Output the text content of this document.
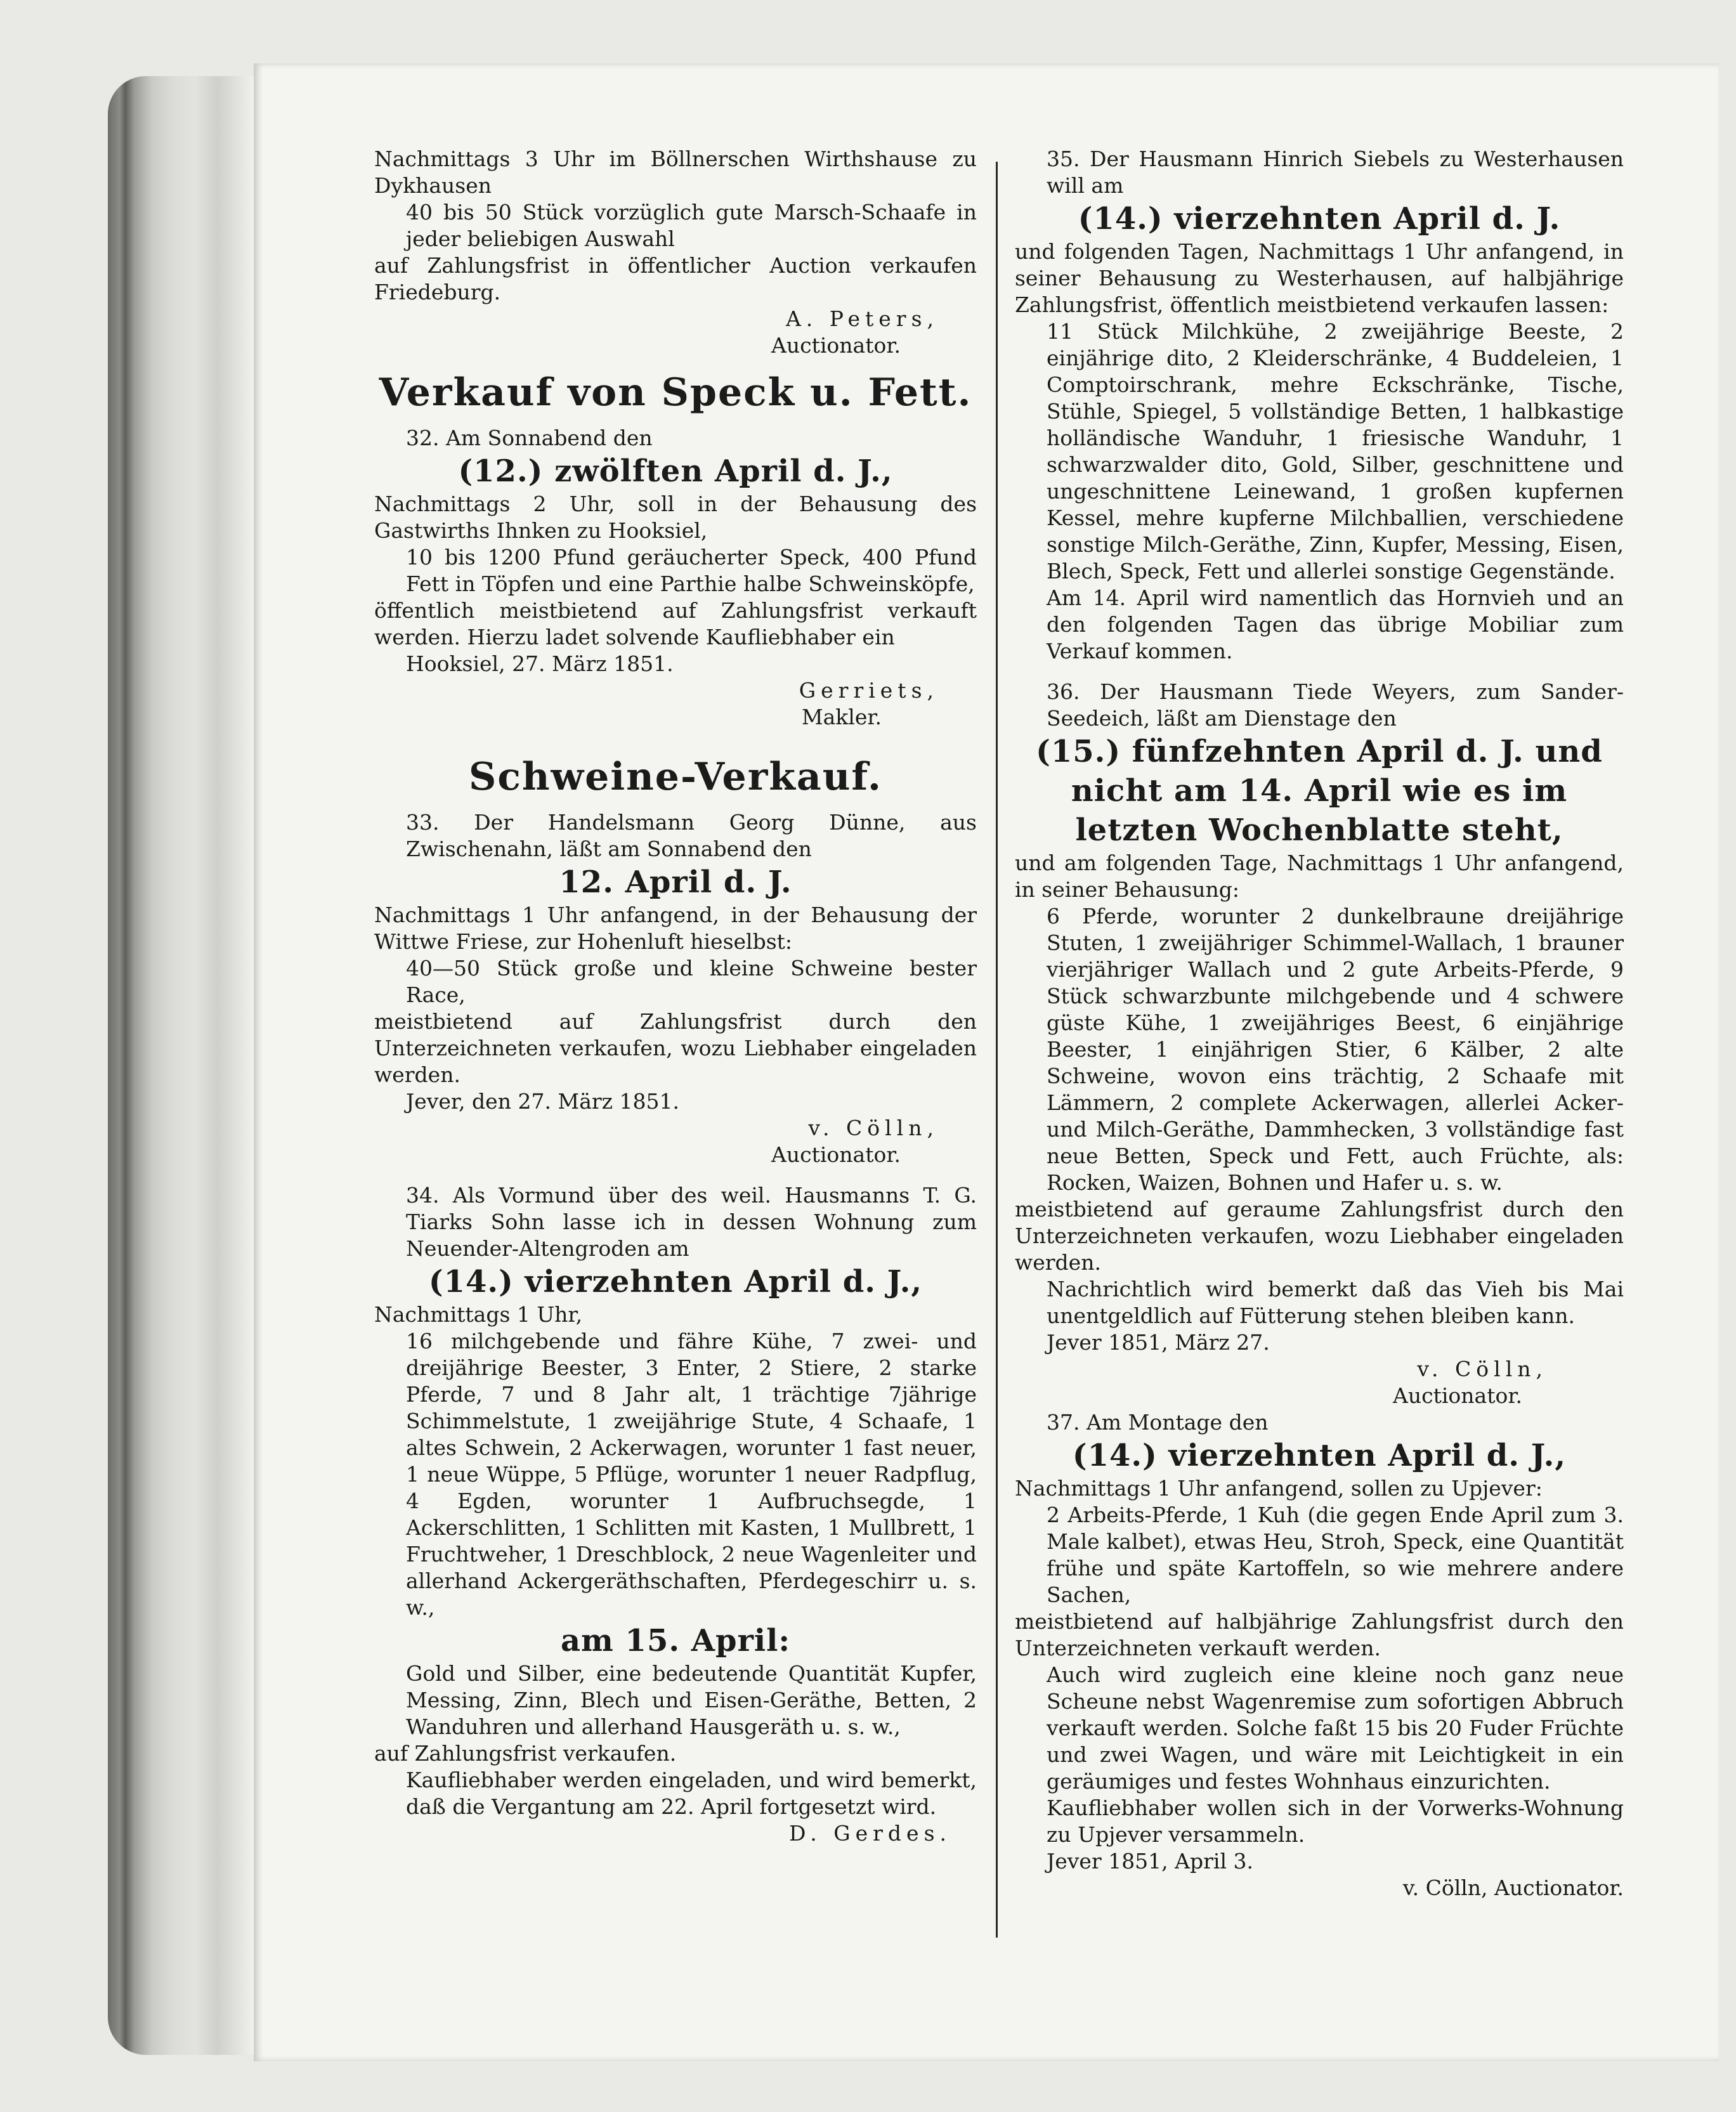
Nachmittags 3 Uhr im Böllnerschen Wirthshause zu Dykhausen

40 bis 50 Stück vorzüglich gute Marsch-Schaafe in jeder beliebigen Auswahl

auf Zahlungsfrist in öffentlicher Auction verkaufen Friedeburg.

A. Peters,

Auctionator.

Verkauf von Speck u. Fett.

32. Am Sonnabend den

(12.) zwölften April d. J.,

Nachmittags 2 Uhr, soll in der Behausung des Gastwirths Ihnken zu Hooksiel,

10 bis 1200 Pfund geräucherter Speck, 400 Pfund Fett in Töpfen und eine Parthie halbe Schweinsköpfe,

öffentlich meistbietend auf Zahlungsfrist verkauft werden. Hierzu ladet solvende Kaufliebhaber ein

Hooksiel, 27. März 1851.

Gerriets,

Makler.

Schweine-Verkauf.

33. Der Handelsmann Georg Dünne, aus Zwischenahn, läßt am Sonnabend den

12. April d. J.

Nachmittags 1 Uhr anfangend, in der Behausung der Wittwe Friese, zur Hohenluft hieselbst:

40—50 Stück große und kleine Schweine bester Race,

meistbietend auf Zahlungsfrist durch den Unterzeichneten verkaufen, wozu Liebhaber eingeladen werden.

Jever, den 27. März 1851.

v. Cölln,

Auctionator.

34. Als Vormund über des weil. Hausmanns T. G. Tiarks Sohn lasse ich in dessen Wohnung zum Neuender-Altengroden am

(14.) vierzehnten April d. J.,

Nachmittags 1 Uhr,

16 milchgebende und fähre Kühe, 7 zwei- und dreijährige Beester, 3 Enter, 2 Stiere, 2 starke Pferde, 7 und 8 Jahr alt, 1 trächtige 7jährige Schimmelstute, 1 zweijährige Stute, 4 Schaafe, 1 altes Schwein, 2 Ackerwagen, worunter 1 fast neuer, 1 neue Wüppe, 5 Pflüge, worunter 1 neuer Radpflug, 4 Egden, worunter 1 Aufbruchsegde, 1 Ackerschlitten, 1 Schlitten mit Kasten, 1 Mullbrett, 1 Fruchtweher, 1 Dreschblock, 2 neue Wagenleiter und allerhand Ackergeräthschaften, Pferdegeschirr u. s. w.,

am 15. April:

Gold und Silber, eine bedeutende Quantität Kupfer, Messing, Zinn, Blech und Eisen-Geräthe, Betten, 2 Wanduhren und allerhand Hausgeräth u. s. w.,

auf Zahlungsfrist verkaufen.

Kaufliebhaber werden eingeladen, und wird bemerkt, daß die Vergantung am 22. April fortgesetzt wird.

D. Gerdes.

35. Der Hausmann Hinrich Siebels zu Westerhausen will am

(14.) vierzehnten April d. J.

und folgenden Tagen, Nachmittags 1 Uhr anfangend, in seiner Behausung zu Westerhausen, auf halbjährige Zahlungsfrist, öffentlich meistbietend verkaufen lassen:

11 Stück Milchkühe, 2 zweijährige Beeste, 2 einjährige dito, 2 Kleiderschränke, 4 Buddeleien, 1 Comptoirschrank, mehre Eckschränke, Tische, Stühle, Spiegel, 5 vollständige Betten, 1 halbkastige holländische Wanduhr, 1 friesische Wanduhr, 1 schwarzwalder dito, Gold, Silber, geschnittene und ungeschnittene Leinewand, 1 großen kupfernen Kessel, mehre kupferne Milchballien, verschiedene sonstige Milch-Geräthe, Zinn, Kupfer, Messing, Eisen, Blech, Speck, Fett und allerlei sonstige Gegenstände.

Am 14. April wird namentlich das Hornvieh und an den folgenden Tagen das übrige Mobiliar zum Verkauf kommen.

36. Der Hausmann Tiede Weyers, zum Sander-Seedeich, läßt am Dienstage den

(15.) fünfzehnten April d. J. und nicht am 14. April wie es im letzten Wochenblatte steht,

und am folgenden Tage, Nachmittags 1 Uhr anfangend, in seiner Behausung:

6 Pferde, worunter 2 dunkelbraune dreijährige Stuten, 1 zweijähriger Schimmel-Wallach, 1 brauner vierjähriger Wallach und 2 gute Arbeits-Pferde, 9 Stück schwarzbunte milchgebende und 4 schwere güste Kühe, 1 zweijähriges Beest, 6 einjährige Beester, 1 einjährigen Stier, 6 Kälber, 2 alte Schweine, wovon eins trächtig, 2 Schaafe mit Lämmern, 2 complete Ackerwagen, allerlei Acker- und Milch-Geräthe, Dammhecken, 3 vollständige fast neue Betten, Speck und Fett, auch Früchte, als: Rocken, Waizen, Bohnen und Hafer u. s. w.

meistbietend auf geraume Zahlungsfrist durch den Unterzeichneten verkaufen, wozu Liebhaber eingeladen werden.

Nachrichtlich wird bemerkt daß das Vieh bis Mai unentgeldlich auf Fütterung stehen bleiben kann.

Jever 1851, März 27.

v. Cölln,

Auctionator.

37. Am Montage den

(14.) vierzehnten April d. J.,

Nachmittags 1 Uhr anfangend, sollen zu Upjever:

2 Arbeits-Pferde, 1 Kuh (die gegen Ende April zum 3. Male kalbet), etwas Heu, Stroh, Speck, eine Quantität frühe und späte Kartoffeln, so wie mehrere andere Sachen,

meistbietend auf halbjährige Zahlungsfrist durch den Unterzeichneten verkauft werden.

Auch wird zugleich eine kleine noch ganz neue Scheune nebst Wagenremise zum sofortigen Abbruch verkauft werden. Solche faßt 15 bis 20 Fuder Früchte und zwei Wagen, und wäre mit Leichtigkeit in ein geräumiges und festes Wohnhaus einzurichten.

Kaufliebhaber wollen sich in der Vorwerks-Wohnung zu Upjever versammeln.

Jever 1851, April 3.

v. Cölln, Auctionator.
